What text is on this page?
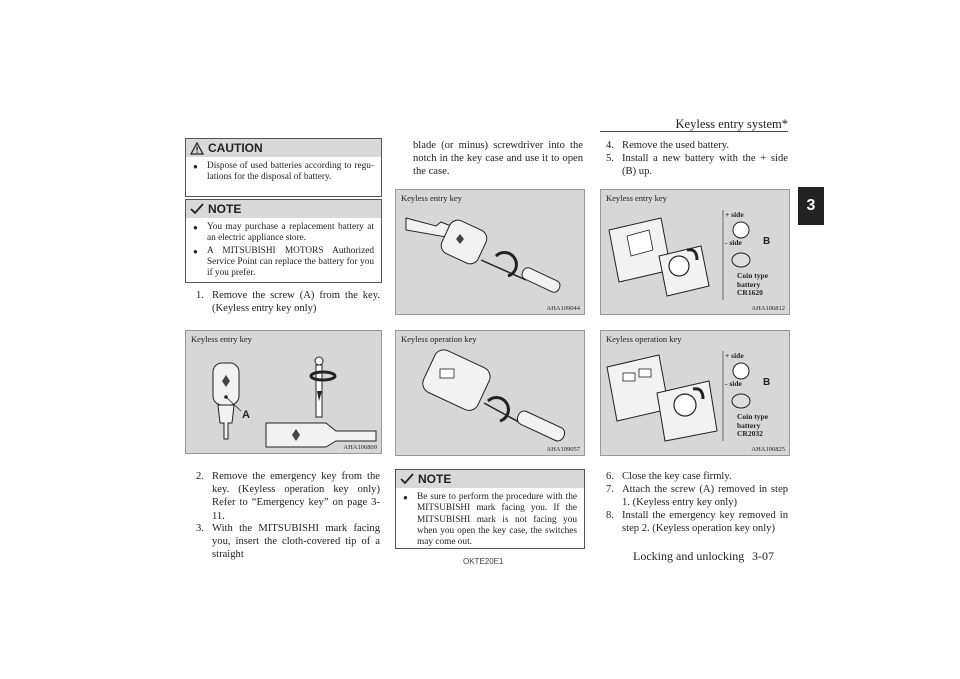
Keyless entry system*
3
CAUTION
● Dispose of used batteries according to regu-lations for the disposal of battery.
NOTE
● You may purchase a replacement battery at an electric appliance store.
● A MITSUBISHI MOTORS Authorized Service Point can replace the battery for you if you prefer.
1. Remove the screw (A) from the key. (Keyless entry key only)
Keyless entry key
A
AHA106809
2. Remove the emergency key from the key. (Keyless operation key only) Refer to “Emergency key” on page 3-11.
3. With the MITSUBISHI mark facing you, insert the cloth-covered tip of a straight
blade (or minus) screwdriver into the notch in the key case and use it to open the case.
Keyless entry key
AHA109044
Keyless operation key
AHA109057
NOTE
● Be sure to perform the procedure with the MITSUBISHI mark facing you. If the MITSUBISHI mark is not facing you when you open the key case, the switches may come out.
4. Remove the used battery.
5. Install a new battery with the + side (B) up.
Keyless entry key
+ side
- side B
Coin type
battery
CR1620
AHA106812
Keyless operation key
+ side
- side B
Coin type
battery
CR2032
AHA106825
6. Close the key case firmly.
7. Attach the screw (A) removed in step 1. (Keyless entry key only)
8. Install the emergency key removed in step 2. (Keyless operation key only)
OKTE20E1	Locking and unlocking 3-07
